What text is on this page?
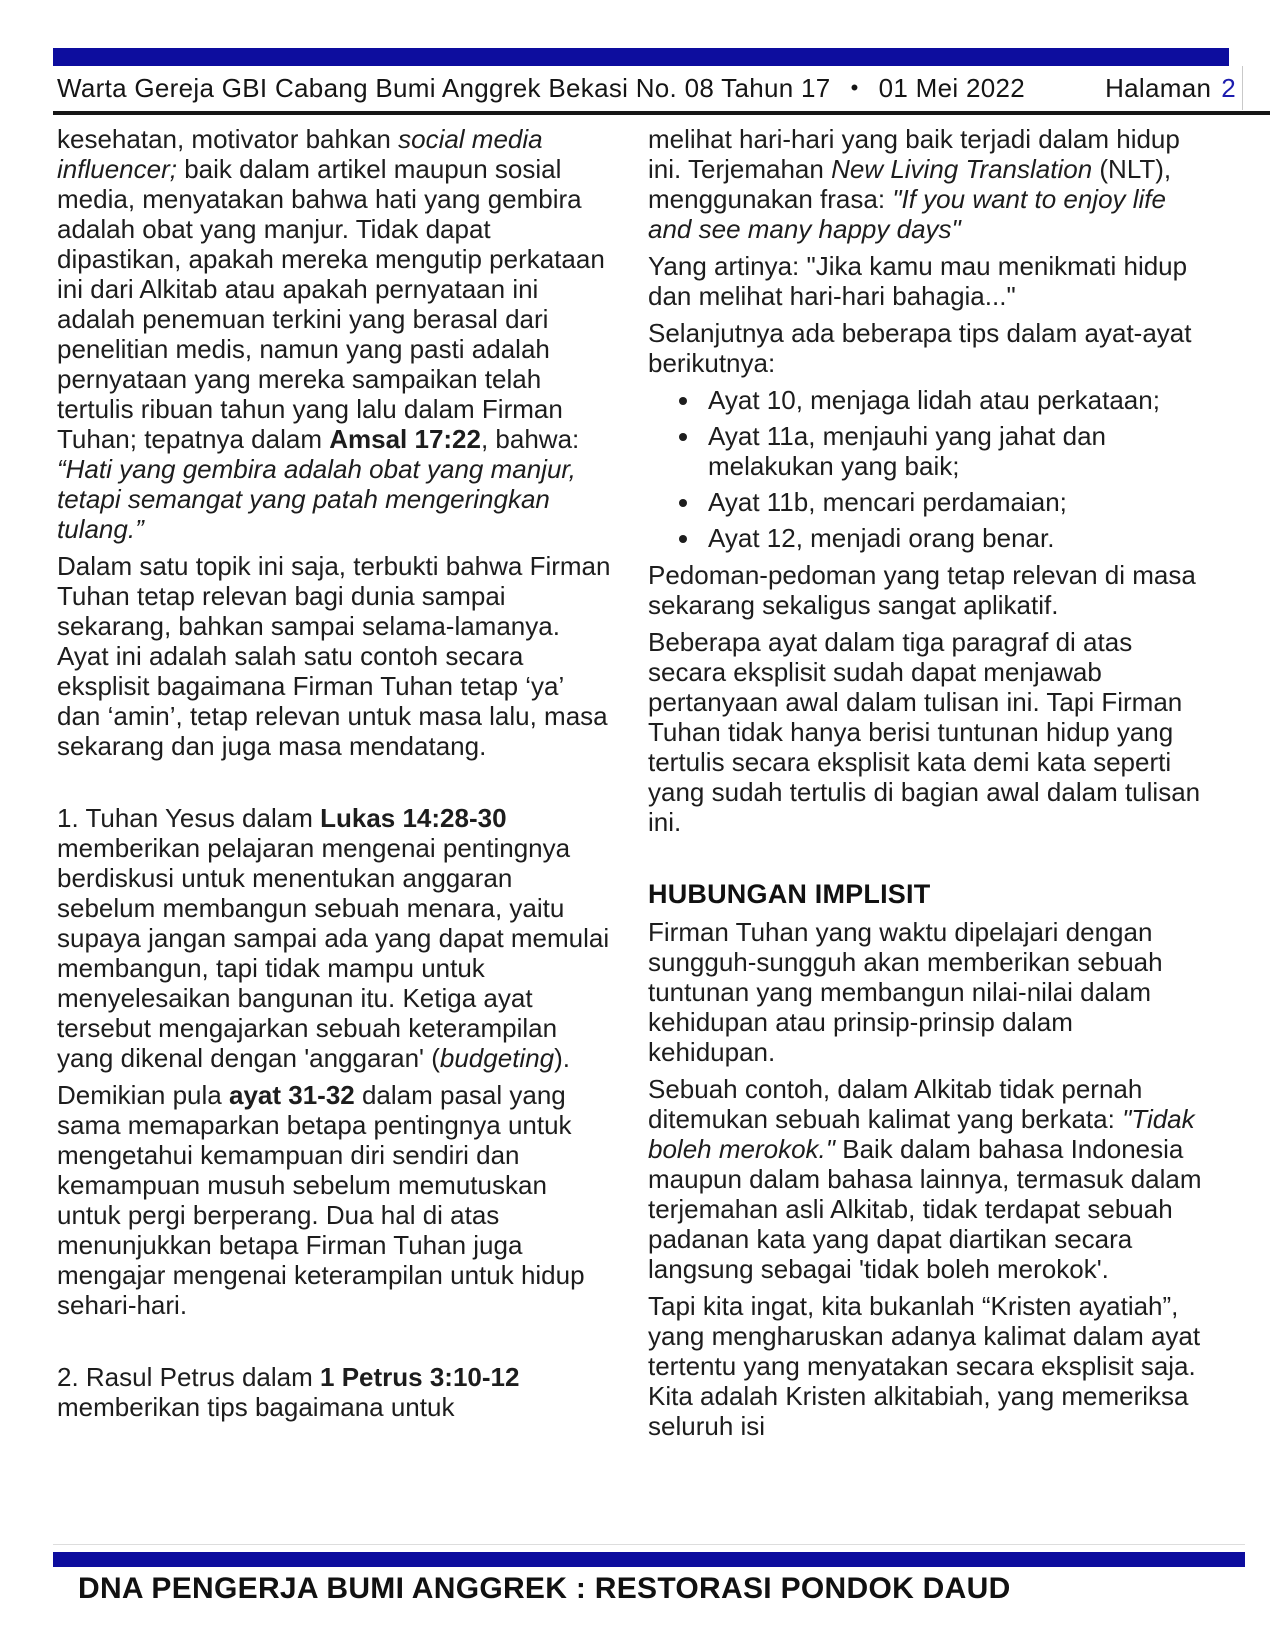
Warta Gereja GBI Cabang Bumi Anggrek Bekasi No. 08 Tahun 17 • 01 Mei 2022	Halaman 2

kesehatan, motivator bahkan social media influencer; baik dalam artikel maupun sosial media, menyatakan bahwa hati yang gembira adalah obat yang manjur. Tidak dapat dipastikan, apakah mereka mengutip perkataan ini dari Alkitab atau apakah pernyataan ini adalah penemuan terkini yang berasal dari penelitian medis, namun yang pasti adalah pernyataan yang mereka sampaikan telah tertulis ribuan tahun yang lalu dalam Firman Tuhan; tepatnya dalam Amsal 17:22, bahwa: “Hati yang gembira adalah obat yang manjur, tetapi semangat yang patah mengeringkan tulang.”

Dalam satu topik ini saja, terbukti bahwa Firman Tuhan tetap relevan bagi dunia sampai sekarang, bahkan sampai selama-lamanya. Ayat ini adalah salah satu contoh secara eksplisit bagaimana Firman Tuhan tetap ‘ya’ dan ‘amin’, tetap relevan untuk masa lalu, masa sekarang dan juga masa mendatang.

1. Tuhan Yesus dalam Lukas 14:28-30 memberikan pelajaran mengenai pentingnya berdiskusi untuk menentukan anggaran sebelum membangun sebuah menara, yaitu supaya jangan sampai ada yang dapat memulai membangun, tapi tidak mampu untuk menyelesaikan bangunan itu. Ketiga ayat tersebut mengajarkan sebuah keterampilan yang dikenal dengan 'anggaran' (budgeting).

Demikian pula ayat 31-32 dalam pasal yang sama memaparkan betapa pentingnya untuk mengetahui kemampuan diri sendiri dan kemampuan musuh sebelum memutuskan untuk pergi berperang. Dua hal di atas menunjukkan betapa Firman Tuhan juga mengajar mengenai keterampilan untuk hidup sehari-hari.

2. Rasul Petrus dalam 1 Petrus 3:10-12 memberikan tips bagaimana untuk

melihat hari-hari yang baik terjadi dalam hidup ini. Terjemahan New Living Translation (NLT), menggunakan frasa: "If you want to enjoy life and see many happy days"

Yang artinya: "Jika kamu mau menikmati hidup dan melihat hari-hari bahagia..."

Selanjutnya ada beberapa tips dalam ayat-ayat berikutnya:

• Ayat 10, menjaga lidah atau perkataan;
• Ayat 11a, menjauhi yang jahat dan melakukan yang baik;
• Ayat 11b, mencari perdamaian;
• Ayat 12, menjadi orang benar.

Pedoman-pedoman yang tetap relevan di masa sekarang sekaligus sangat aplikatif.

Beberapa ayat dalam tiga paragraf di atas secara eksplisit sudah dapat menjawab pertanyaan awal dalam tulisan ini. Tapi Firman Tuhan tidak hanya berisi tuntunan hidup yang tertulis secara eksplisit kata demi kata seperti yang sudah tertulis di bagian awal dalam tulisan ini.

HUBUNGAN IMPLISIT

Firman Tuhan yang waktu dipelajari dengan sungguh-sungguh akan memberikan sebuah tuntunan yang membangun nilai-nilai dalam kehidupan atau prinsip-prinsip dalam kehidupan.

Sebuah contoh, dalam Alkitab tidak pernah ditemukan sebuah kalimat yang berkata: "Tidak boleh merokok." Baik dalam bahasa Indonesia maupun dalam bahasa lainnya, termasuk dalam terjemahan asli Alkitab, tidak terdapat sebuah padanan kata yang dapat diartikan secara langsung sebagai 'tidak boleh merokok'.

Tapi kita ingat, kita bukanlah “Kristen ayatiah”, yang mengharuskan adanya kalimat dalam ayat tertentu yang menyatakan secara eksplisit saja. Kita adalah Kristen alkitabiah, yang memeriksa seluruh isi

DNA PENGERJA BUMI ANGGREK : RESTORASI PONDOK DAUD
